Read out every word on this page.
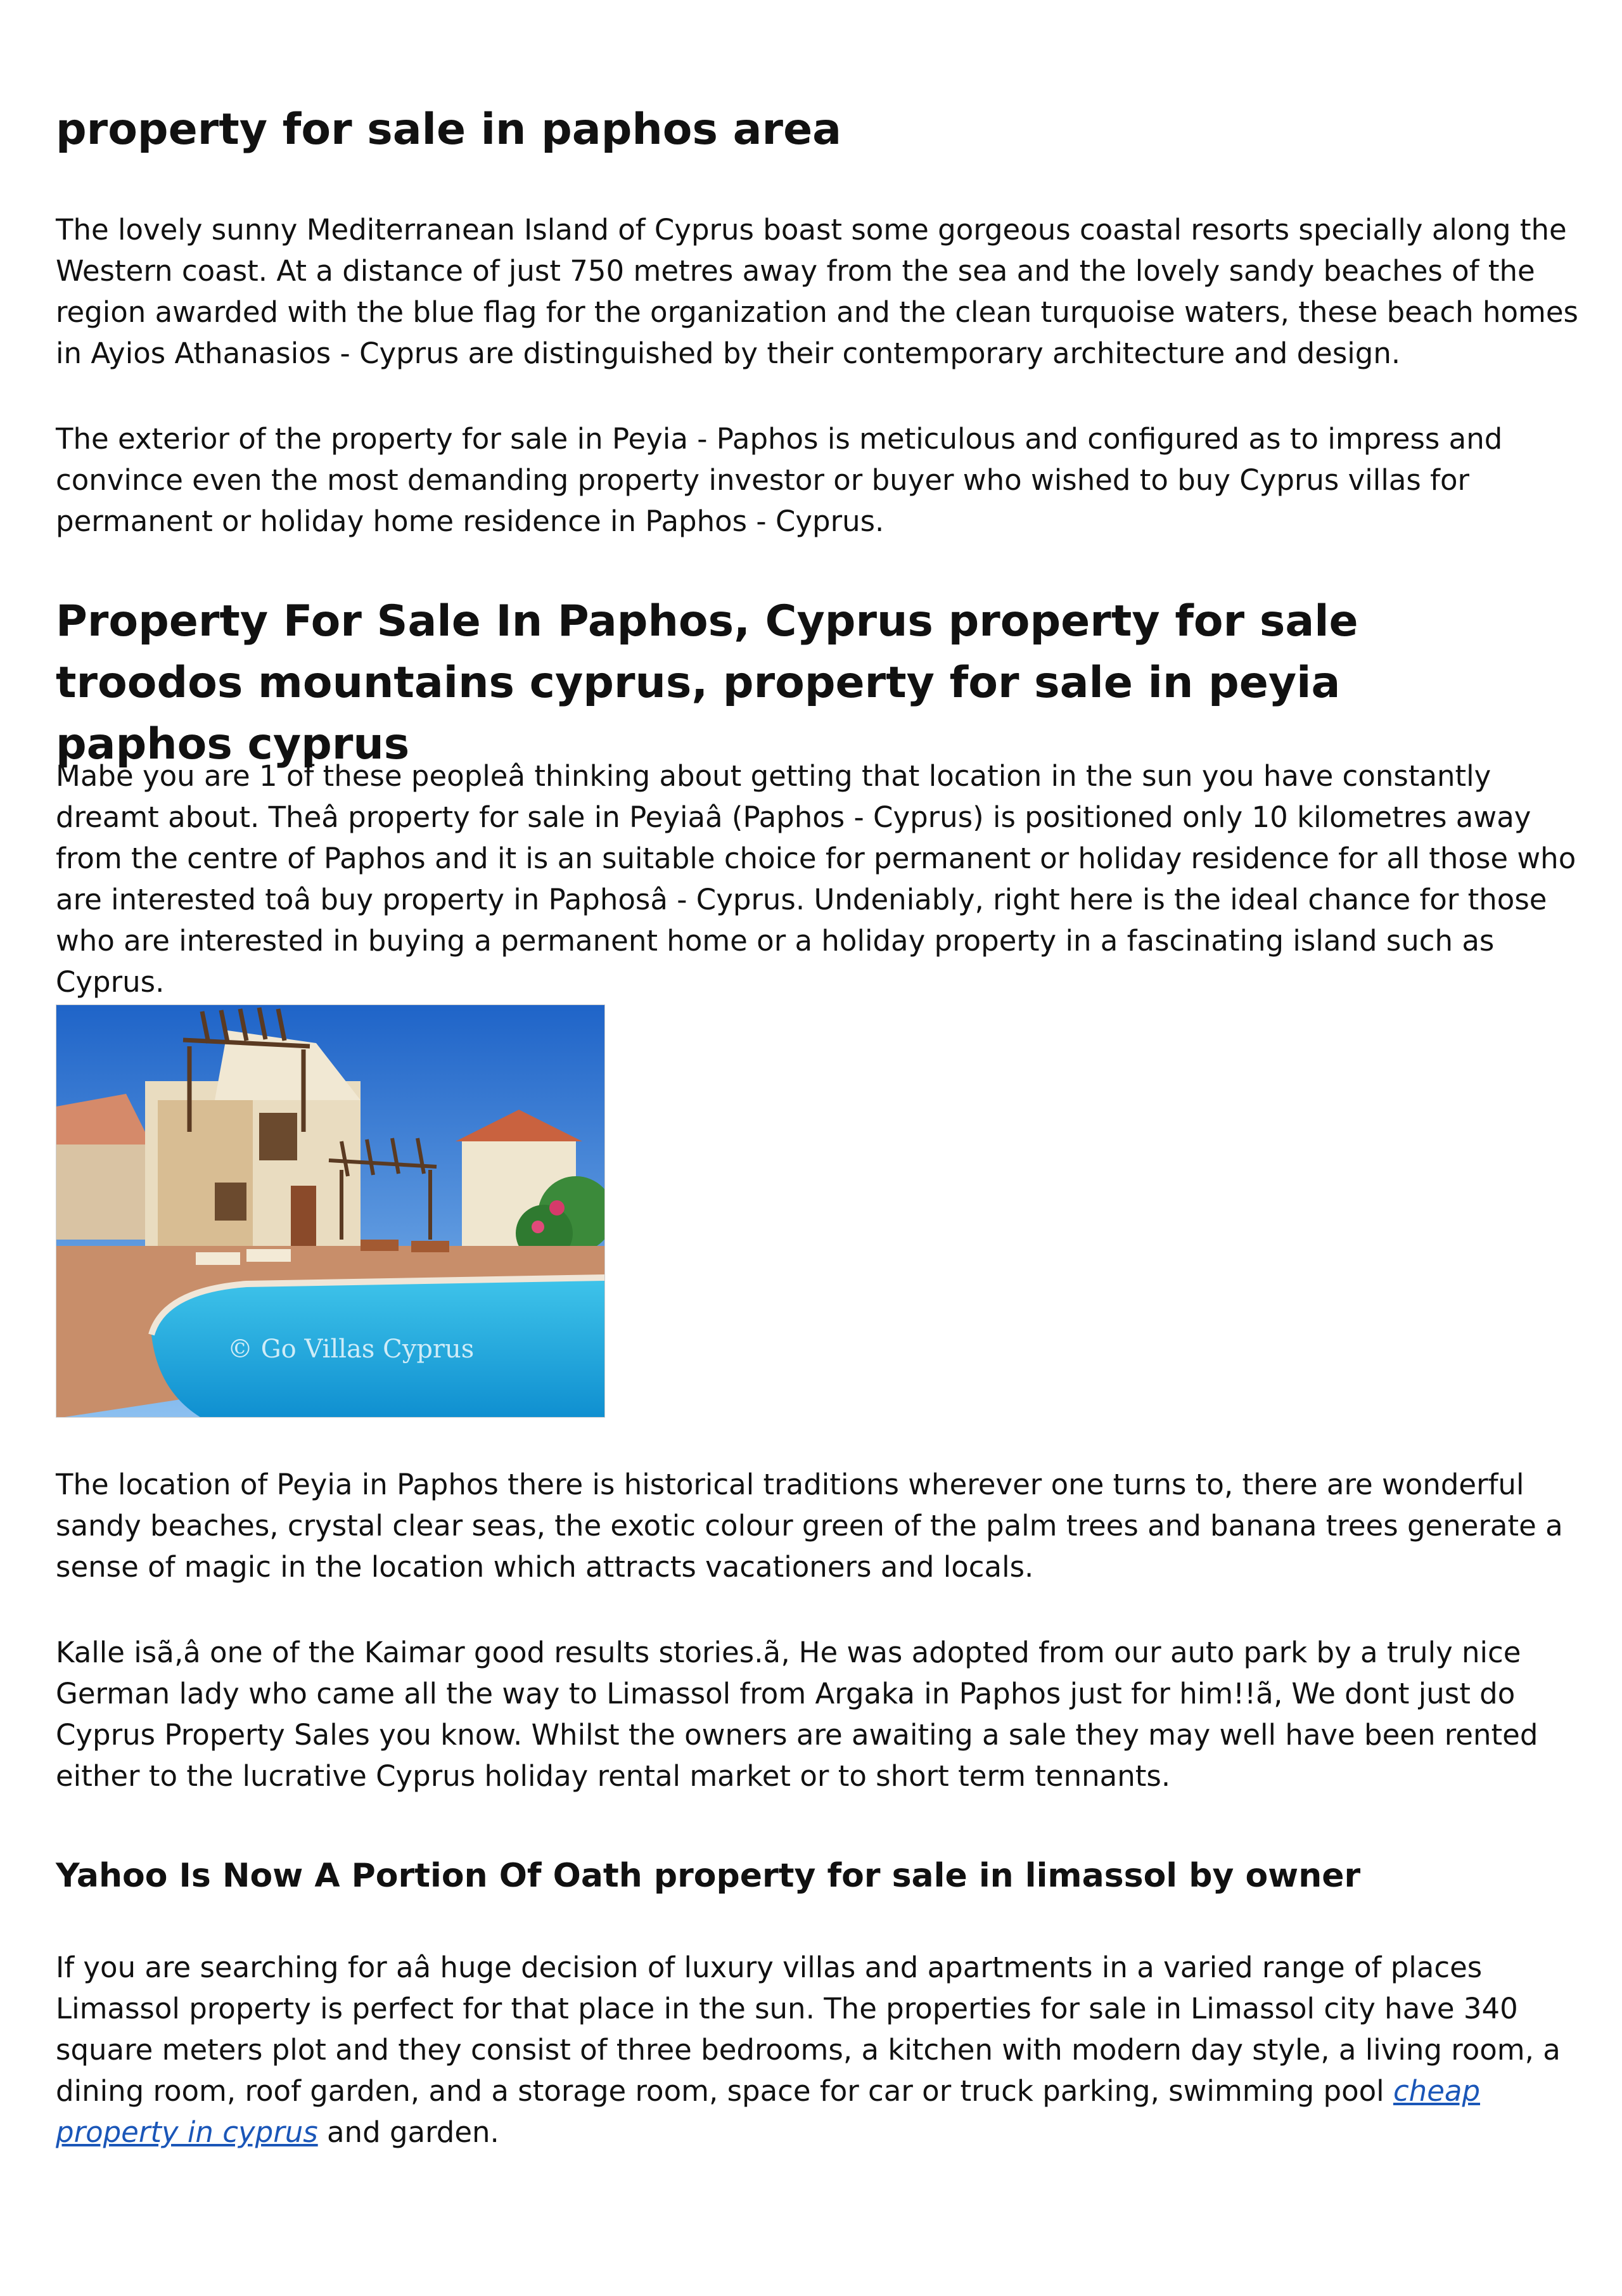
property for sale in paphos area

The lovely sunny Mediterranean Island of Cyprus boast some gorgeous coastal resorts specially along the Western coast. At a distance of just 750 metres away from the sea and the lovely sandy beaches of the region awarded with the blue flag for the organization and the clean turquoise waters, these beach homes in Ayios Athanasios - Cyprus are distinguished by their contemporary architecture and design.

The exterior of the property for sale in Peyia - Paphos is meticulous and configured as to impress and convince even the most demanding property investor or buyer who wished to buy Cyprus villas for permanent or holiday home residence in Paphos - Cyprus.

Property For Sale In Paphos, Cyprus property for sale troodos mountains cyprus, property for sale in peyia paphos cyprus

Mabe you are 1 of these peopleâ thinking about getting that location in the sun you have constantly dreamt about. Theâ property for sale in Peyiaâ (Paphos - Cyprus) is positioned only 10 kilometres away from the centre of Paphos and it is an suitable choice for permanent or holiday residence for all those who are interested toâ buy property in Paphosâ - Cyprus. Undeniably, right here is the ideal chance for those who are interested in buying a permanent home or a holiday property in a fascinating island such as Cyprus.

© Go Villas Cyprus

The location of Peyia in Paphos there is historical traditions wherever one turns to, there are wonderful sandy beaches, crystal clear seas, the exotic colour green of the palm trees and banana trees generate a sense of magic in the location which attracts vacationers and locals.

Kalle isã‚â one of the Kaimar good results stories.ã‚ He was adopted from our auto park by a truly nice German lady who came all the way to Limassol from Argaka in Paphos just for him!!ã‚ We dont just do Cyprus Property Sales you know. Whilst the owners are awaiting a sale they may well have been rented either to the lucrative Cyprus holiday rental market or to short term tennants.

Yahoo Is Now A Portion Of Oath property for sale in limassol by owner

If you are searching for aâ huge decision of luxury villas and apartments in a varied range of places Limassol property is perfect for that place in the sun. The properties for sale in Limassol city have 340 square meters plot and they consist of three bedrooms, a kitchen with modern day style, a living room, a dining room, roof garden, and a storage room, space for car or truck parking, swimming pool cheap property in cyprus and garden.
